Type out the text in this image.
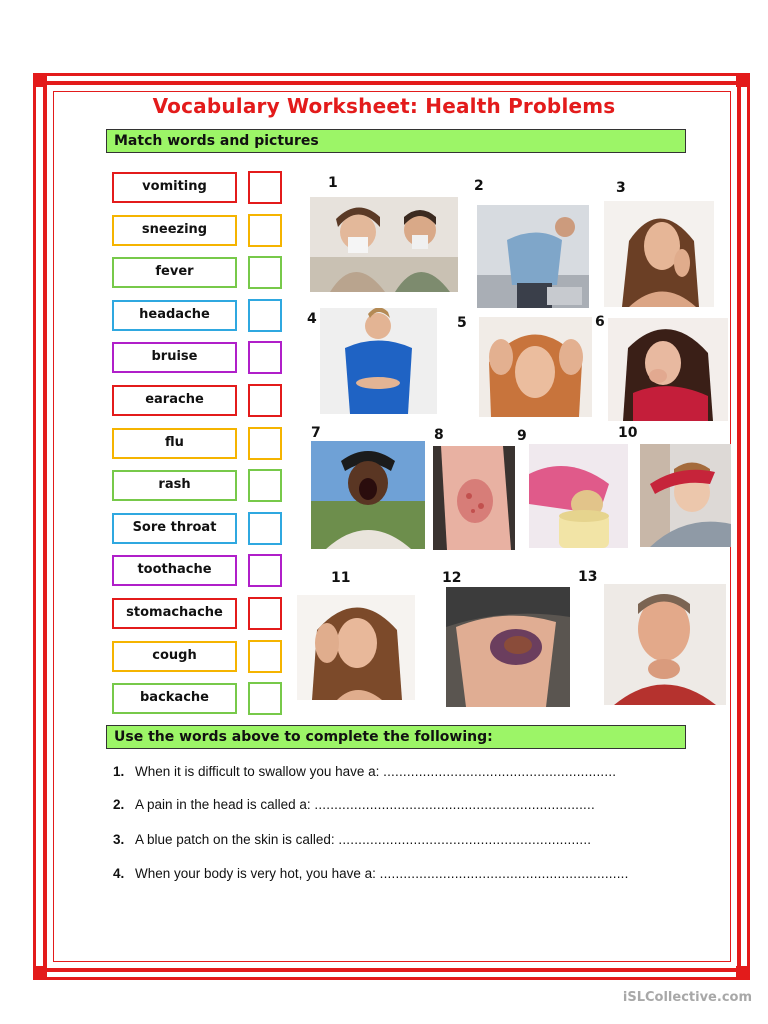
Vocabulary Worksheet: Health Problems
Match words and pictures
vomiting
sneezing
fever
headache
bruise
earache
flu
rash
Sore throat
toothache
stomachache
cough
backache
1	2	3
4	5	6
7	8	9	10
11	12	13
Use the words above to complete the following:
1. When it is difficult to swallow you have a: ...........................................................
2. A pain in the head is called a: .......................................................................
3. A blue patch on the skin is called: ................................................................
4. When your body is very hot, you have a: ...............................................................
iSLCollective.com
